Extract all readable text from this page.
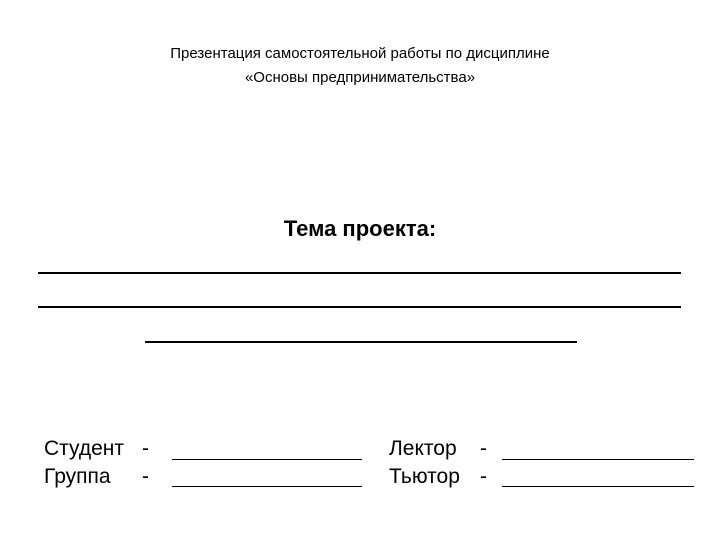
Презентация самостоятельной работы по дисциплине
«Основы предпринимательства»
Тема проекта:
Студент -
Группа -
Лектор -
Тьютор -
